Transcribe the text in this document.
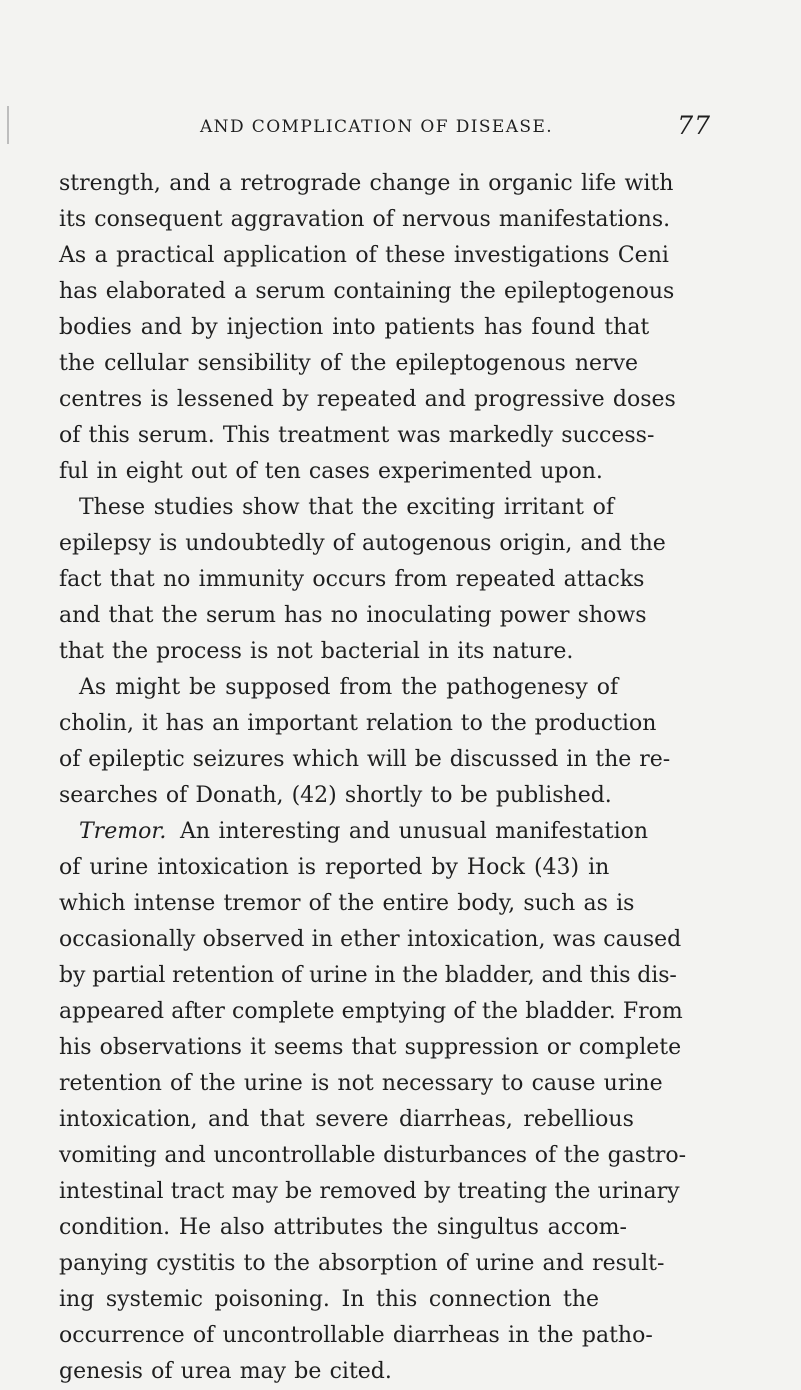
AND COMPLICATION OF DISEASE.	77
strength, and a retrograde change in organic life with
its consequent aggravation of nervous manifestations.
As a practical application of these investigations Ceni
has elaborated a serum containing the epileptogenous
bodies and by injection into patients has found that
the cellular sensibility of the epileptogenous nerve
centres is lessened by repeated and progressive doses
of this serum. This treatment was markedly success-
ful in eight out of ten cases experimented upon.
These studies show that the exciting irritant of
epilepsy is undoubtedly of autogenous origin, and the
fact that no immunity occurs from repeated attacks
and that the serum has no inoculating power shows
that the process is not bacterial in its nature.
As might be supposed from the pathogenesy of
cholin, it has an important relation to the production
of epileptic seizures which will be discussed in the re-
searches of Donath, (42) shortly to be published.
Tremor. An interesting and unusual manifestation
of urine intoxication is reported by Hock (43) in
which intense tremor of the entire body, such as is
occasionally observed in ether intoxication, was caused
by partial retention of urine in the bladder, and this dis-
appeared after complete emptying of the bladder. From
his observations it seems that suppression or complete
retention of the urine is not necessary to cause urine
intoxication, and that severe diarrheas, rebellious
vomiting and uncontrollable disturbances of the gastro-
intestinal tract may be removed by treating the urinary
condition. He also attributes the singultus accom-
panying cystitis to the absorption of urine and result-
ing systemic poisoning. In this connection the
occurrence of uncontrollable diarrheas in the patho-
genesis of urea may be cited.
